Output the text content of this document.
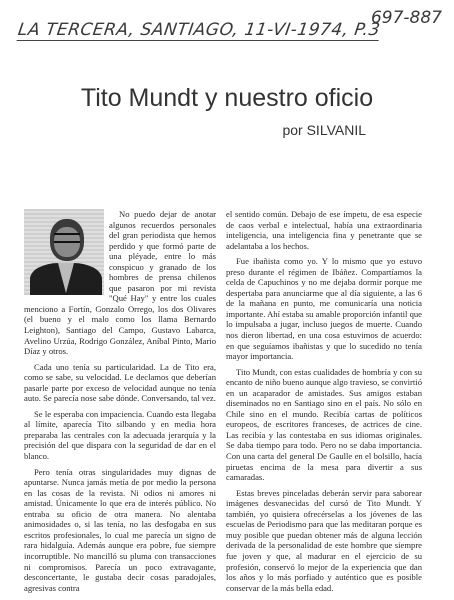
LA TERCERA, SANTIAGO, 11-VI-1974, P.3
697-887
Tito Mundt y nuestro oficio
por SILVANIL

No puedo dejar de anotar algunos recuerdos personales del gran periodista que hemos perdido y que formó parte de una pléyade, entre lo más conspicuo y granado de los hombres de prensa chilenos que pasaron por mi revista "Qué Hay" y entre los cuales menciono a Fortín, Gonzalo Orrego, los dos Olivares (el bueno y el malo como los llama Bernardo Leighton), Santiago del Campo, Gustavo Labarca, Avelino Urzúa, Rodrigo González, Aníbal Pinto, Mario Díaz y otros.

Cada uno tenía su particularidad. La de Tito era, como se sabe, su velocidad. Le declamos que deberían pasarle parte por exceso de velocidad aunque no tenía auto. Se parecía nose sabe dónde. Conversando, tal vez.

Se le esperaba con impaciencia. Cuando esta llegaba al límite, aparecía Tito silbando y en media hora preparaba las centrales con la adecuada jerarquía y la precisión del que dispara con la seguridad de dar en el blanco.

Pero tenía otras singularidades muy dignas de apuntarse. Nunca jamás metía de por medio la persona en las cosas de la revista. Ni odios ni amores ni amistad. Únicamente lo que era de interés público. No entraba su oficio de otra manera. No alentaba animosidades o, si las tenía, no las desfogaba en sus escritos profesionales, lo cual me parecía un signo de rara hidalguía. Además aunque era pobre, fue siempre incorruptible. No mancilló su pluma con transacciones ni compromisos. Parecía un poco extravagante, desconcertante, le gustaba decir cosas paradojales, agresivas contra

el sentido común. Debajo de ese ímpetu, de esa especie de caos verbal e intelectual, había una extraordinaria inteligencia, una inteligencia fina y penetrante que se adelantaba a los hechos.

Fue ibañista como yo. Y lo mismo que yo estuvo preso durante el régimen de Ibáñez. Compartíamos la celda de Capuchinos y no me dejaba dormir porque me despertaba para anunciarme que al día siguiente, a las 6 de la mañana en punto, me comunicaría una noticia importante. Ahí estaba su amable proporción infantil que lo impulsaba a jugar, incluso juegos de muerte. Cuando nos dieron libertad, en una cosa estuvimos de acuerdo: en que seguíamos ibañistas y que lo sucedido no tenía mayor importancia.

Tito Mundt, con estas cualidades de hombría y con su encanto de niño bueno aunque algo travieso, se convirtió en un acaparador de amistades. Sus amigos estaban diseminados no en Santiago sino en el país. No sólo en Chile sino en el mundo. Recibía cartas de políticos europeos, de escritores franceses, de actrices de cine. Las recibía y las contestaba en sus idiomas originales. Se daba tiempo para todo. Pero no se daba importancia. Con una carta del general De Gaulle en el bolsillo, hacía piruetas encima de la mesa para divertir a sus camaradas.

Estas breves pinceladas deberán servir para saborear imágenes desvanecidas del cursó de Tito Mundt. Y también, yo quisiera ofrecérselas a los jóvenes de las escuelas de Periodismo para que las meditaran porque es muy posible que puedan obtener más de alguna lección derivada de la personalidad de este hombre que siempre fue joven y que, al madurar en el ejercicio de su profesión, conservó lo mejor de la experiencia que dan los años y lo más porfiado y auténtico que es posible conservar de la más bella edad.
